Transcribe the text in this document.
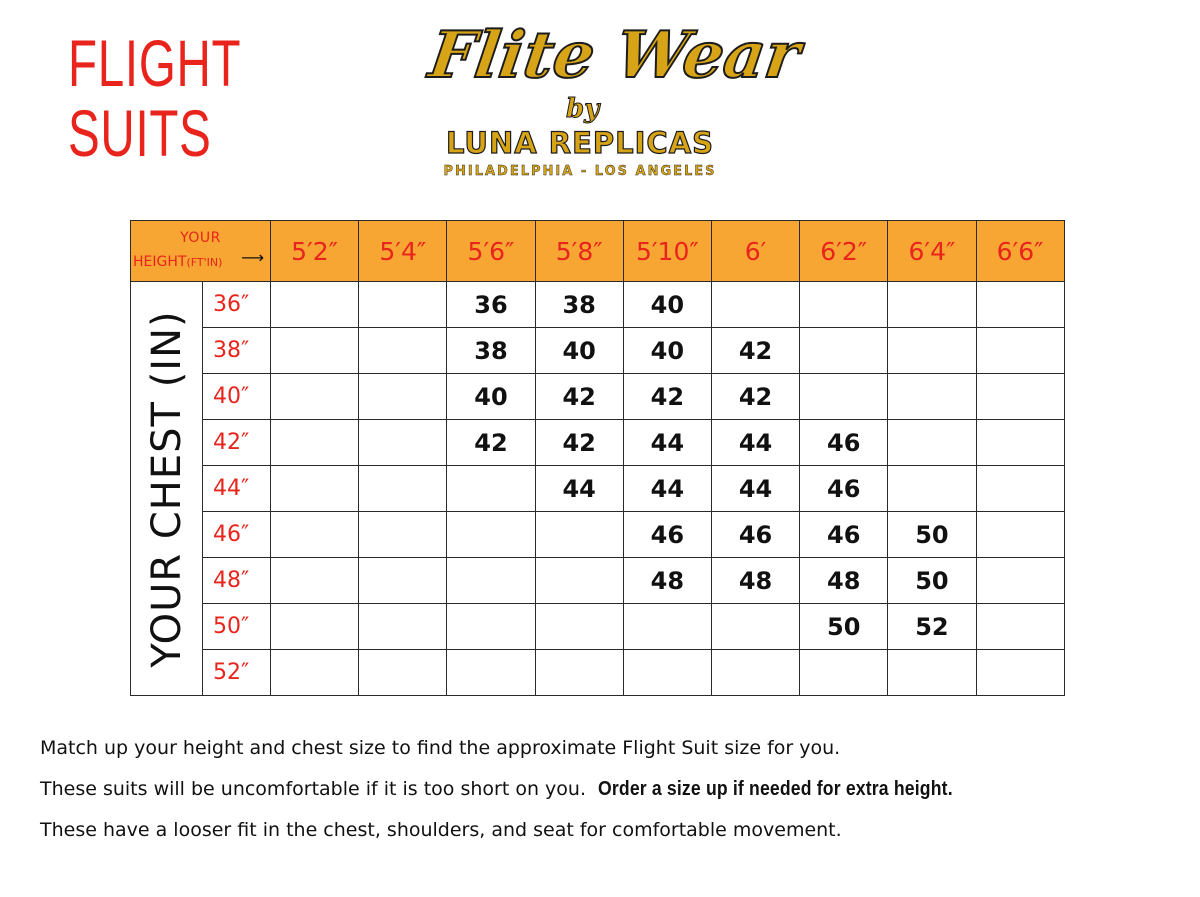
FLIGHT
SUITS
Flite Wear
by
LUNA REPLICAS
PHILADELPHIA - LOS ANGELES
YOUR
HEIGHT(FT'IN) ⟶		5′2″	5′4″	5′6″	5′8″	5′10″	6′	6′2″	6′4″	6′6″

YOUR CHEST (IN)	36″			36	38	40				
	38″			38	40	40	42			
	40″			40	42	42	42			
	42″			42	42	44	44	46		
	44″				44	44	44	46		
	46″					46	46	46	50	
	48″					48	48	48	50	
	50″							50	52	
	52″									

Match up your height and chest size to find the approximate Flight Suit size for you.

These suits will be uncomfortable if it is too short on you. Order a size up if needed for extra height.

These have a looser fit in the chest, shoulders, and seat for comfortable movement.
